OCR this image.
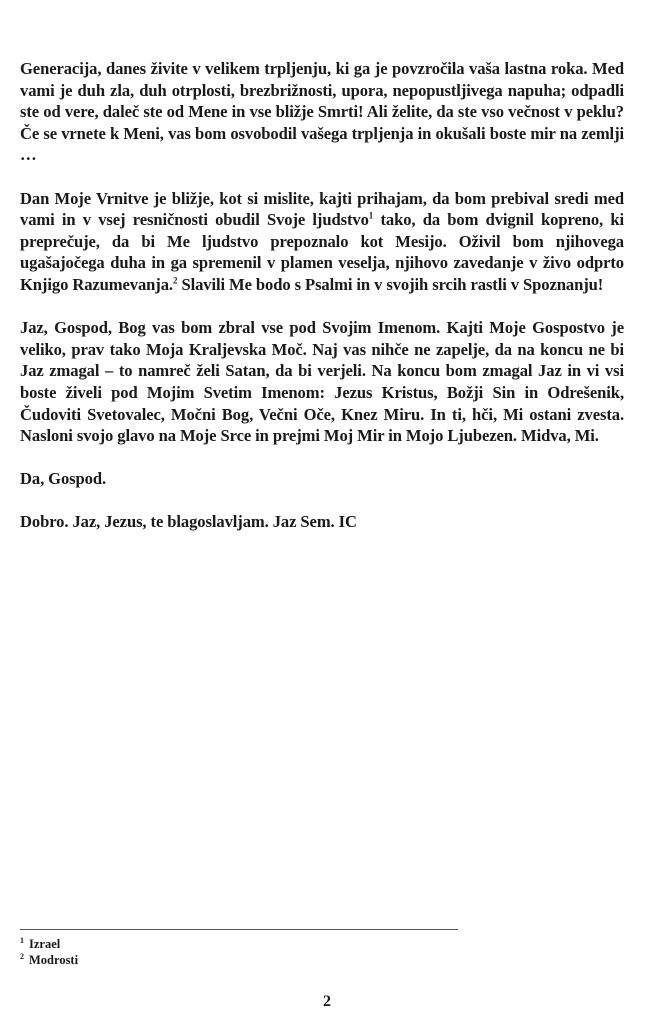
Generacija, danes živite v velikem trpljenju, ki ga je povzročila vaša lastna roka. Med vami je duh zla, duh otrplosti, brezbrižnosti, upora, nepopustljivega napuha; odpadli ste od vere, daleč ste od Mene in vse bližje Smrti! Ali želite, da ste vso večnost v peklu? Če se vrnete k Meni, vas bom osvobodil vašega trpljenja in okušali boste mir na zemlji …

Dan Moje Vrnitve je bližje, kot si mislite, kajti prihajam, da bom prebival sredi med vami in v vsej resničnosti obudil Svoje ljudstvo$^1$ tako, da bom dvignil kopreno, ki preprečuje, da bi Me ljudstvo prepoznalo kot Mesijo. Oživil bom njihovega ugašajočega duha in ga spremenil v plamen veselja, njihovo zavedanje v živo odprto Knjigo Razumevanja.$^2$ Slavili Me bodo s Psalmi in v svojih srcih rastli v Spoznanju!

Jaz, Gospod, Bog vas bom zbral vse pod Svojim Imenom. Kajti Moje Gospostvo je veliko, prav tako Moja Kraljevska Moč. Naj vas nihče ne zapelje, da na koncu ne bi Jaz zmagal – to namreč želi Satan, da bi verjeli. Na koncu bom zmagal Jaz in vi vsi boste živeli pod Mojim Svetim Imenom: Jezus Kristus, Božji Sin in Odrešenik, Čudoviti Svetovalec, Močni Bog, Večni Oče, Knez Miru. In ti, hči, Mi ostani zvesta. Nasloni svojo glavo na Moje Srce in prejmi Moj Mir in Mojo Ljubezen. Midva, Mi.

Da, Gospod.

Dobro. Jaz, Jezus, te blagoslavljam. Jaz Sem. IC

$^1$ Izrael
$^2$ Modrosti
2
